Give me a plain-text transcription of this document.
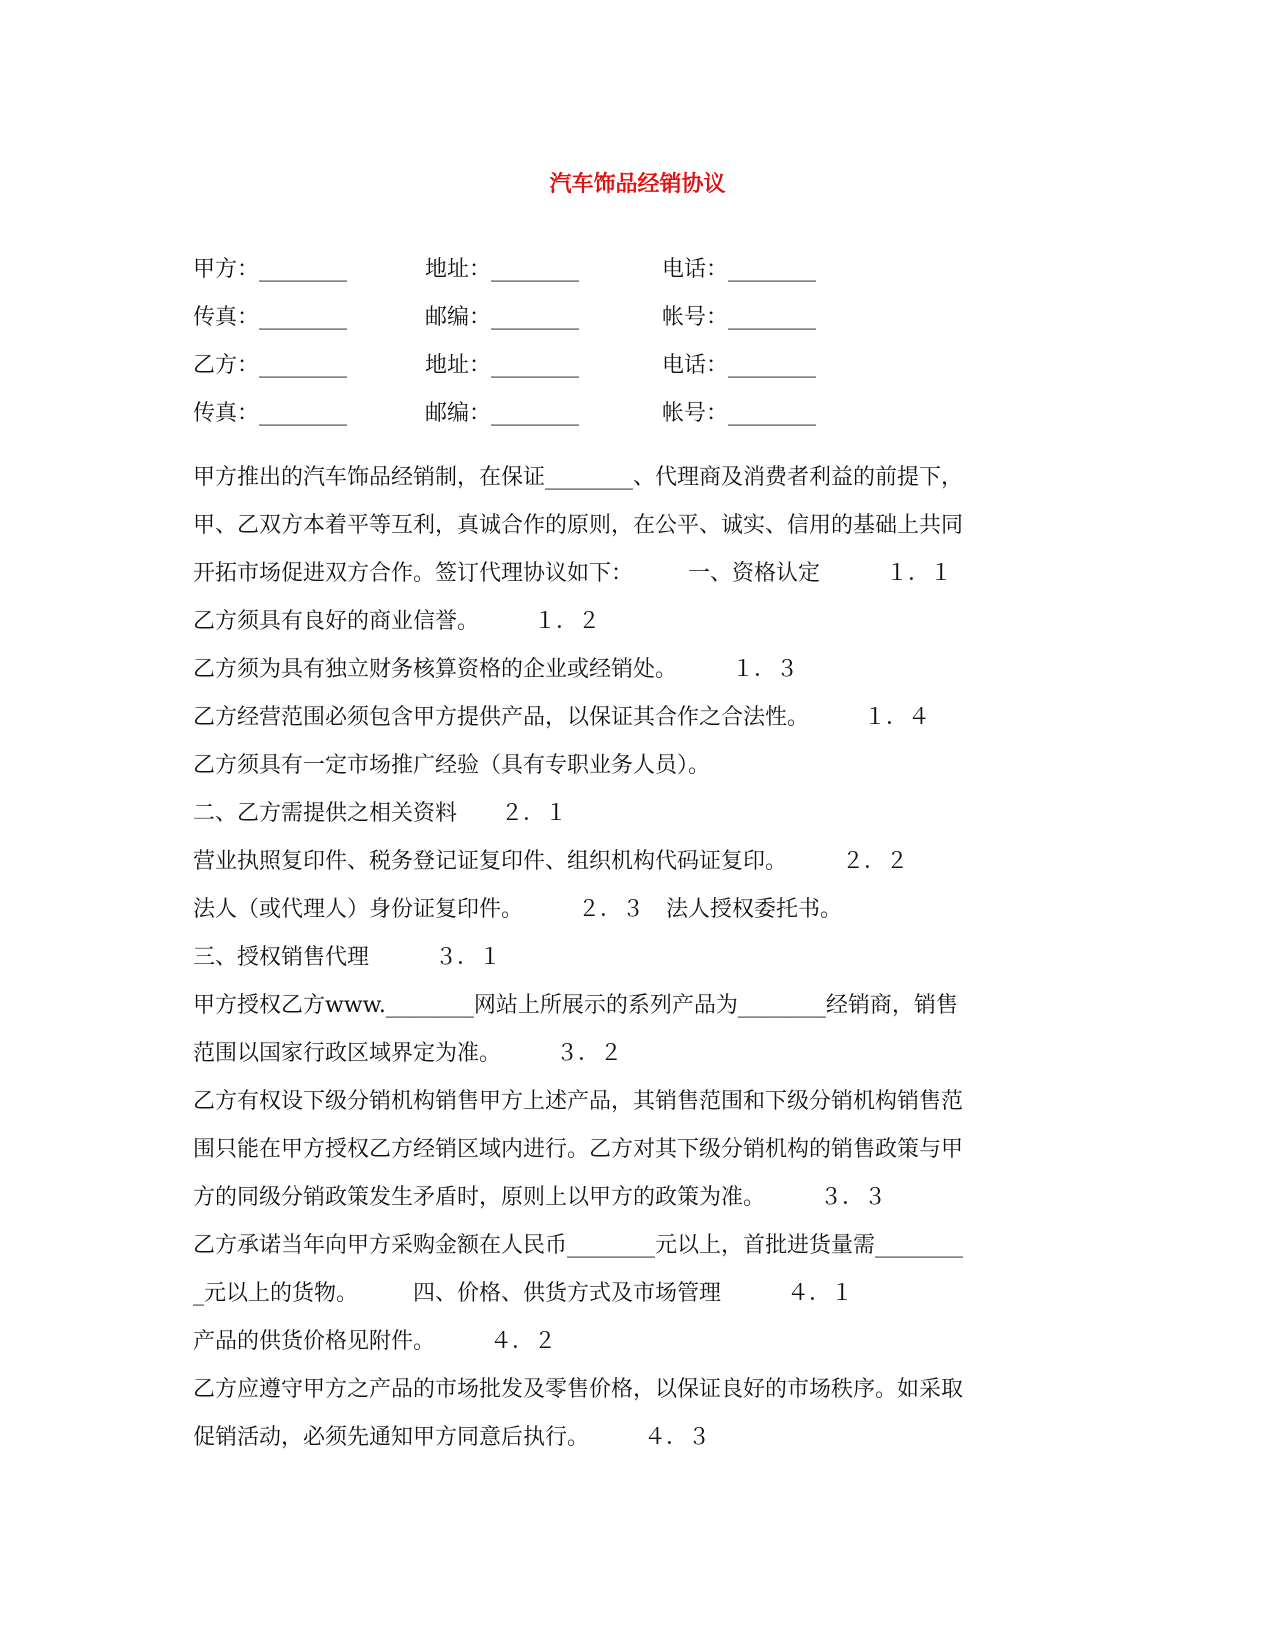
汽车饰品经销协议
甲方：________	地址：________	电话：________
传真：________	邮编：________	帐号：________
乙方：________	地址：________	电话：________
传真：________	邮编：________	帐号：________
甲方推出的汽车饰品经销制，在保证________、代理商及消费者利益的前提下，
甲、乙双方本着平等互利，真诚合作的原则，在公平、诚实、信用的基础上共同
开拓市场促进双方合作。签订代理协议如下：　　　一、资格认定　　　１．１
乙方须具有良好的商业信誉。　　　１．２
乙方须为具有独立财务核算资格的企业或经销处。　　　１．３
乙方经营范围必须包含甲方提供产品，以保证其合作之合法性。　　　１．４
乙方须具有一定市场推广经验（具有专职业务人员）。
二、乙方需提供之相关资料　　２．１
营业执照复印件、税务登记证复印件、组织机构代码证复印。　　　２．２
法人（或代理人）身份证复印件。　　　２．３　法人授权委托书。
三、授权销售代理　　　３．１
甲方授权乙方www.________网站上所展示的系列产品为________经销商，销售
范围以国家行政区域界定为准。　　　３．２
乙方有权设下级分销机构销售甲方上述产品，其销售范围和下级分销机构销售范
围只能在甲方授权乙方经销区域内进行。乙方对其下级分销机构的销售政策与甲
方的同级分销政策发生矛盾时，原则上以甲方的政策为准。　　　３．３
乙方承诺当年向甲方采购金额在人民币________元以上，首批进货量需________
_元以上的货物。　　　四、价格、供货方式及市场管理　　　４．１
产品的供货价格见附件。　　　４．２
乙方应遵守甲方之产品的市场批发及零售价格，以保证良好的市场秩序。如采取
促销活动，必须先通知甲方同意后执行。　　　４．３
